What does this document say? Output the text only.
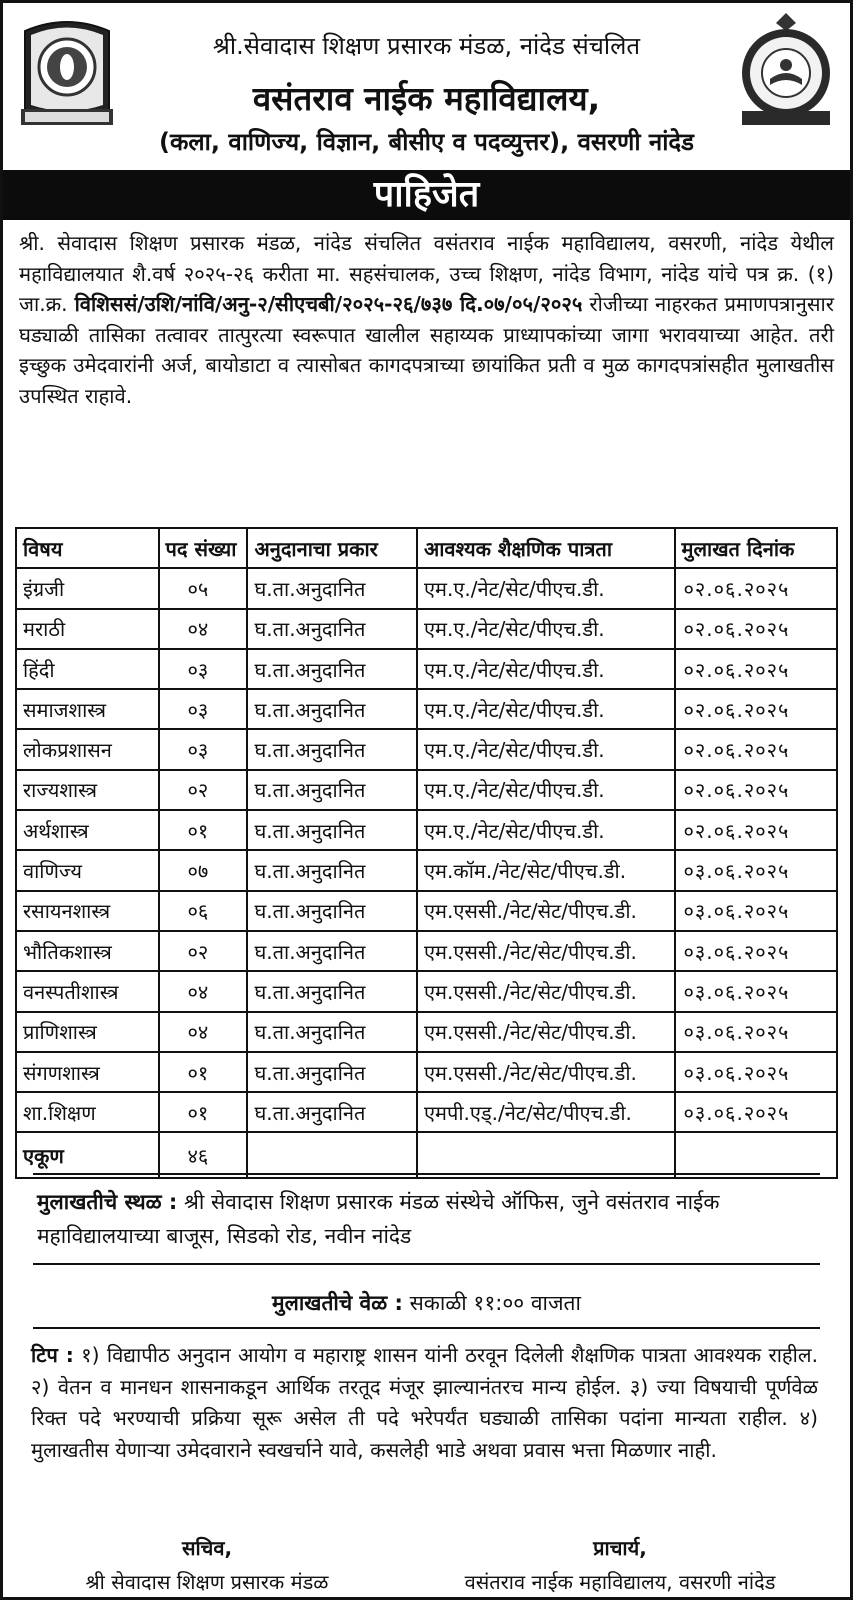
श्री.सेवादास शिक्षण प्रसारक मंडळ, नांदेड संचलित
वसंतराव नाईक महाविद्यालय,
(कला, वाणिज्य, विज्ञान, बीसीए व पदव्युत्तर), वसरणी नांदेड
पाहिजेत
श्री. सेवादास शिक्षण प्रसारक मंडळ, नांदेड संचलित वसंतराव नाईक महाविद्यालय, वसरणी, नांदेड येथील महाविद्यालयात शै.वर्ष २०२५-२६ करीता मा. सहसंचालक, उच्च शिक्षण, नांदेड विभाग, नांदेड यांचे पत्र क्र. (१) जा.क्र. विशिससं/उशि/नांवि/अनु-२/सीएचबी/२०२५-२६/७३७ दि.०७/०५/२०२५ रोजीच्या नाहरकत प्रमाणपत्रानुसार घड्याळी तासिका तत्वावर तात्पुरत्या स्वरूपात खालील सहाय्यक प्राध्यापकांच्या जागा भरावयाच्या आहेत. तरी इच्छुक उमेदवारांनी अर्ज, बायोडाटा व त्यासोबत कागदपत्राच्या छायांकित प्रती व मुळ कागदपत्रांसहीत मुलाखतीस उपस्थित राहावे.
विषय	पद संख्या	अनुदानाचा प्रकार	आवश्यक शैक्षणिक पात्रता	मुलाखत दिनांक
इंग्रजी	०५	घ.ता.अनुदानित	एम.ए./नेट/सेट/पीएच.डी.	०२.०६.२०२५
मराठी	०४	घ.ता.अनुदानित	एम.ए./नेट/सेट/पीएच.डी.	०२.०६.२०२५
हिंदी	०३	घ.ता.अनुदानित	एम.ए./नेट/सेट/पीएच.डी.	०२.०६.२०२५
समाजशास्त्र	०३	घ.ता.अनुदानित	एम.ए./नेट/सेट/पीएच.डी.	०२.०६.२०२५
लोकप्रशासन	०३	घ.ता.अनुदानित	एम.ए./नेट/सेट/पीएच.डी.	०२.०६.२०२५
राज्यशास्त्र	०२	घ.ता.अनुदानित	एम.ए./नेट/सेट/पीएच.डी.	०२.०६.२०२५
अर्थशास्त्र	०१	घ.ता.अनुदानित	एम.ए./नेट/सेट/पीएच.डी.	०२.०६.२०२५
वाणिज्य	०७	घ.ता.अनुदानित	एम.कॉम./नेट/सेट/पीएच.डी.	०३.०६.२०२५
रसायनशास्त्र	०६	घ.ता.अनुदानित	एम.एससी./नेट/सेट/पीएच.डी.	०३.०६.२०२५
भौतिकशास्त्र	०२	घ.ता.अनुदानित	एम.एससी./नेट/सेट/पीएच.डी.	०३.०६.२०२५
वनस्पतीशास्त्र	०४	घ.ता.अनुदानित	एम.एससी./नेट/सेट/पीएच.डी.	०३.०६.२०२५
प्राणिशास्त्र	०४	घ.ता.अनुदानित	एम.एससी./नेट/सेट/पीएच.डी.	०३.०६.२०२५
संगणशास्त्र	०१	घ.ता.अनुदानित	एम.एससी./नेट/सेट/पीएच.डी.	०३.०६.२०२५
शा.शिक्षण	०१	घ.ता.अनुदानित	एमपी.एड्./नेट/सेट/पीएच.डी.	०३.०६.२०२५
एकूण	४६			
मुलाखतीचे स्थळ : श्री सेवादास शिक्षण प्रसारक मंडळ संस्थेचे ऑफिस, जुने वसंतराव नाईक महाविद्यालयाच्या बाजूस, सिडको रोड, नवीन नांदेड
मुलाखतीचे वेळ : सकाळी ११:०० वाजता
टिप : १) विद्यापीठ अनुदान आयोग व महाराष्ट्र शासन यांनी ठरवून दिलेली शैक्षणिक पात्रता आवश्यक राहील. २) वेतन व मानधन शासनाकडून आर्थिक तरतूद मंजूर झाल्यानंतरच मान्य होईल. ३) ज्या विषयाची पूर्णवेळ रिक्त पदे भरण्याची प्रक्रिया सूरू असेल ती पदे भरेपर्यंत घड्याळी तासिका पदांना मान्यता राहील. ४) मुलाखतीस येणाऱ्या उमेदवाराने स्वखर्चाने यावे, कसलेही भाडे अथवा प्रवास भत्ता मिळणार नाही.
सचिव,
श्री सेवादास शिक्षण प्रसारक मंडळ
प्राचार्य,
वसंतराव नाईक महाविद्यालय, वसरणी नांदेड
